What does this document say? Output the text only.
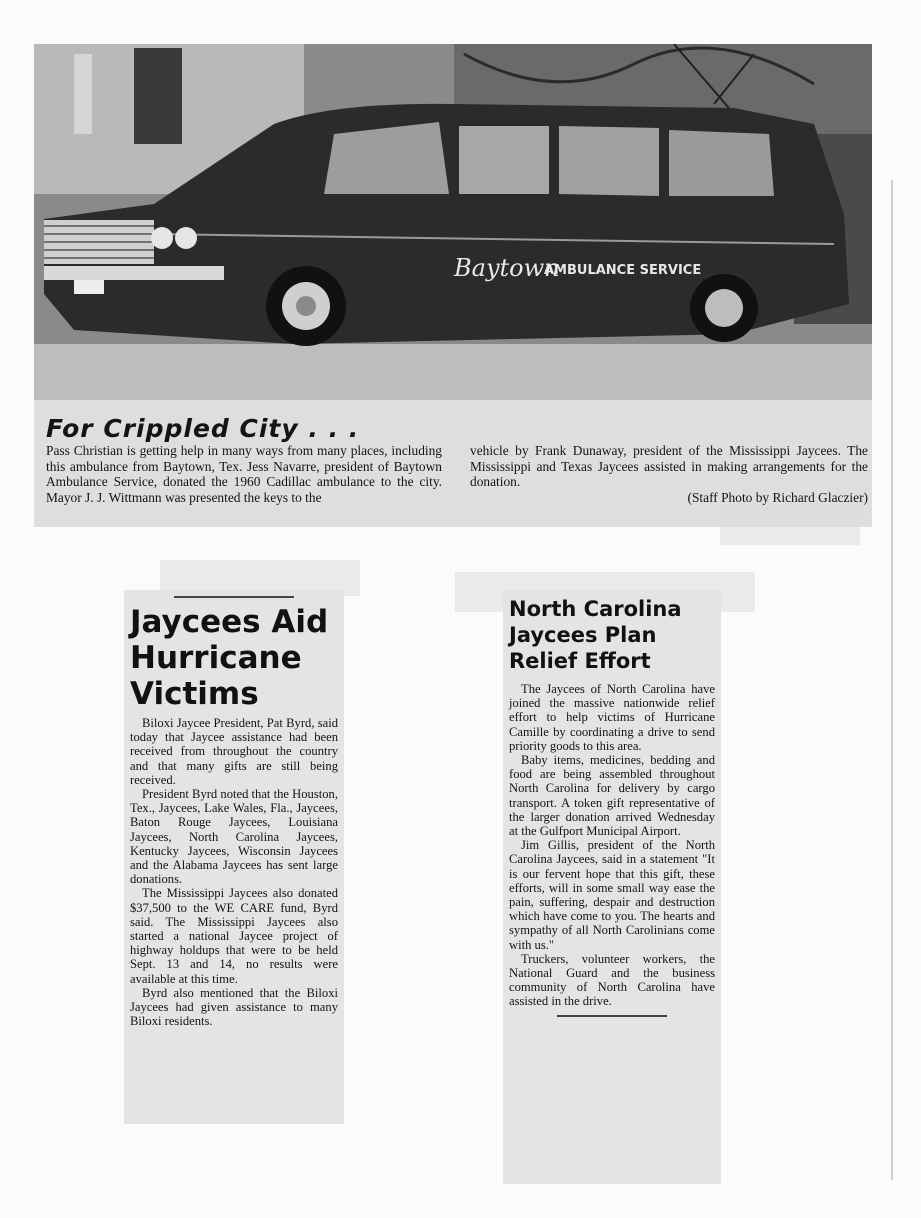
Baytown
AMBULANCE SERVICE
For Crippled City . . .
Pass Christian is getting help in many ways from many places, including this ambulance from Baytown, Tex. Jess Navarre, president of Baytown Ambulance Service, donated the 1960 Cadillac ambulance to the city. Mayor J. J. Wittmann was presented the keys to the
vehicle by Frank Dunaway, president of the Mississippi Jaycees. The Mississippi and Texas Jaycees assisted in making arrangements for the donation.
(Staff Photo by Richard Glaczier)
Jaycees Aid Hurricane Victims

Biloxi Jaycee President, Pat Byrd, said today that Jaycee assistance had been received from throughout the country and that many gifts are still being received.

President Byrd noted that the Houston, Tex., Jaycees, Lake Wales, Fla., Jaycees, Baton Rouge Jaycees, Louisiana Jaycees, North Carolina Jaycees, Kentucky Jaycees, Wisconsin Jaycees and the Alabama Jaycees has sent large donations.

The Mississippi Jaycees also donated $37,500 to the WE CARE fund, Byrd said. The Mississippi Jaycees also started a national Jaycee project of highway holdups that were to be held Sept. 13 and 14, no results were available at this time.

Byrd also mentioned that the Biloxi Jaycees had given assistance to many Biloxi residents.

North Carolina Jaycees Plan Relief Effort

The Jaycees of North Carolina have joined the massive nationwide relief effort to help victims of Hurricane Camille by coordinating a drive to send priority goods to this area.

Baby items, medicines, bedding and food are being assembled throughout North Carolina for delivery by cargo transport. A token gift representative of the larger donation arrived Wednesday at the Gulfport Municipal Airport.

Jim Gillis, president of the North Carolina Jaycees, said in a statement "It is our fervent hope that this gift, these efforts, will in some small way ease the pain, suffering, despair and destruction which have come to you. The hearts and sympathy of all North Carolinians come with us."

Truckers, volunteer workers, the National Guard and the business community of North Carolina have assisted in the drive.
